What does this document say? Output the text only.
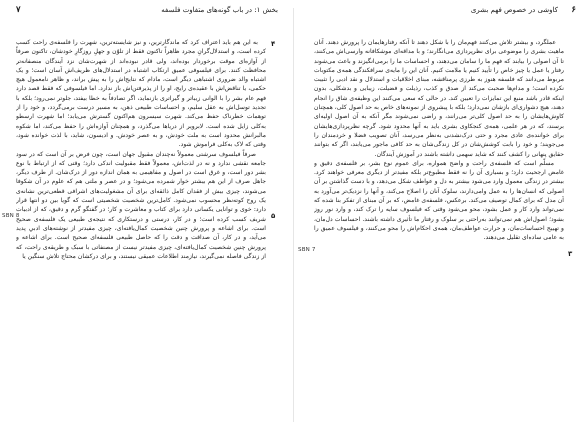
۷	بخش ۱: در باب گونه‌های متفاوت فلسفه
۴
۵
SBN 8

به این هم باید اعتراف کرد که ماندگارترین، و نیز شایسته‌ترین، شهرت را فلسفه‌ی راحت کسب کرده است، و استدلال‌گرانِ مجرد ظاهراً تاکنون فقط از تلوّن و جهلِ روزگارِ خودشان، تاکنون صرفاً از آوازه‌ای موقت برخوردار بوده‌اند، ولی قادر نبوده‌اند از شهرت‌شان نزد آیندگان منصفانه‌تر محافظت کنند. برای فیلسوفی عمیق ارتکاب اشتباه در استدلال‌های ظریف‌اش آسان است؛ و یک اشتباه والد ضروری اشتباهی دیگر است، مادام که نتایج‌اش را به پیش براند، و ظاهر نامعمول هیچ حکمی، یا تناقض‌اش با عقیده‌ی رایج، او را از پذیرفتن‌اش باز ندارد. اما فیلسوفی که فقط قصد دارد فهم عام بشر را با الوانی زیباتر و گیراتری بازنماید، اگر تصادفاً به خطا بیفتد، جلوتر نمی‌رود؛ بلکه با تجدید توسل‌اش به عقل سلیم، و احساسات طبیعی ذهن، به مسیر درست برمی‌گردد، و خود را از توهمات خطرناک حفظ می‌کند. شهرت سیسرون هم‌اکنون گسترش می‌یابد؛ اما شهرت ارسطو به‌کلی زایل شده است. لابرویر از دریاها می‌گذرد، و همچنان آوازه‌اش را حفظ می‌کند، اما شکوه مالبرانش محدود است به ملت خودش، و به عصر خودش. و ادیسون، شاید، با لذت خوانده شود، وقتی که لاک به‌کلی فراموش شود.

صرفاً فیلسوف سرشتی معمولاً نه‌چندان مقبول جهان است، چون فرض بر آن است که در سود جامعه نقشی ندارد و نه در لذت‌اش، معمولاً فقط مقبولیت اندکی دارد؛ وقتی که از ارتباط با نوع بشر دور است، و غرق است در اصول و مفاهیمی به همان اندازه دور از درک‌شان. از طرف دیگر، جاهل صرف از این هم بیشتر خوار شمرده می‌شود؛ و در عصر و ملتی هم که علوم در آن شکوفا می‌شوند، چیزی بیش از فقدان کامل ذائقه‌ای برای آن مشغولیت‌های اشرافی قطعی‌ترین نشانه‌ی یک روح کوته‌نظر محسوب نمی‌شود. کامل‌ترین شخصیت شخصیتی است که گویا بین دو انتها قرار دارد: خوی و توانایی یکسانی دارد برای کتاب و معاشرت و کار؛ در گفتگو گرم و دقیق، که از ادبیات شریف کسب کرده است؛ و در کار، درستی و درستکاری که نتیجه‌ی طبیعی یک فلسفه‌ی صحیح است. برای اشاعه و پرورش چنین شخصیت کمال‌یافته‌ای، چیزی مفیدتر از نوشته‌های ادبیِ پدید می‌آید، و در کار، آن صداقت و دقت را که حاصل طبیعی فلسفه‌ای صحیح است. برای اشاعه و پرورش چنین شخصیت کمال‌یافته‌ای، چیزی مفیدتر نیست از مصنفاتی با سبک و طریقه‌ی راحت، که از زندگی فاصله نمی‌گیرند، نیازمند اطلاعات عمیقی نیستند، و برای درکشان محتاج تلاش سنگین یا

کاوشی در خصوص فهم بشری ۶
۳
SBN 7

عملگرد، و بیشتر تلاش می‌کنند فهم‌مان را با شکل دهند تا آنکه رفتارهایمان را پرورش دهند. آنان ماهیت بشری را موضوعی برای نظرپردازی می‌انگارند؛ و با مداقه‌ای موشکافانه وارسی‌اش می‌کنند، تا آن اصولی را بیابند که فهم ما را سامان می‌دهند، و احساسات ما را برمی‌انگیزند و باعث می‌شوند رفتار یا عمل یا چیز خاص را تأیید کنیم یا ملامت کنیم. آنان این را مایه‌ی سرافکندگی همه‌ی مکتوبات مربوط می‌دانند که فلسفه هنوز به طرزی پرمناقشه، مبنای اخلاقیات و استدلال و نقد ادبی را تثبیت نکرده است؛ و مدام‌ها صحبت می‌کند از صدق و کذب، رذیلت و فضیلت، زیبایی و بدشکلی، بدون اینکه قادر باشد منبع این تمایزات را تعیین کند. در حالی که سعی می‌کنند این وظیفه‌ی شاق را انجام دهند، هیچ دشواری‌ای بازشان نمی‌دارد؛ بلکه با پیشروی از نمونه‌های خاص به حد اصول کلی، همچنان کاوش‌هایشان را به حد اصول کلی‌تر می‌رانند، و راضی نمی‌شوند مگر آنکه به آن اصول اولیه‌ای برسند، که در هر علمی، همه‌ی کنجکاوی بشری باید به آنها محدود شود. گرچه نظرپردازی‌هایشان برای خواننده‌ی عادی مجرد و حتی درک‌نشدنی به‌نظر می‌رسد، آنان تصویب فضلا و خردمندان را می‌جویند؛ و خود را بابت کوشش‌شان در کل زندگی‌شان به حد کافی ماجور می‌یابند، اگر که بتوانند حقایق پنهانی را کشف کنند که شاید سهمی داشته باشند در آموزش آیندگان.

مسلّم است که فلسفه‌ی راحت و واضح همواره، برای عموم نوع بشر، بر فلسفه‌ی دقیق و غامض ارجحیت دارد؛ و بسیاری آن را نه فقط مطبوع‌تر بلکه مفیدتر از دیگری معرفی خواهند کرد. بیشتر در زندگی معمول وارد می‌شود بیشتر به دل و عواطف شکل می‌دهد، و با دست گذاشتن بر آن اصولی که انسان‌ها را به عمل وامی‌دارند، سلوک آنان را اصلاح می‌کند، و آنها را نزدیک‌تر می‌آورد به آن مدل که برای کمال توصیف می‌کند. برعکس، فلسفه‌ی غامض، که بر آن مبنای از تفکر بنا شده که نمی‌تواند وارد کار و عمل بشود، محو می‌شود وقتی که فیلسوف سایه را ترک کند، و وارد نور روز بشود؛ اصول‌اش هم نمی‌توانند به‌راحتی بر سلوک و رفتار ما تأثیری داشته باشند. احساسات دل‌مان، و تهییج احساسات‌مان، و حرارت عواطف‌مان، همه‌ی احکام‌اش را محو می‌کنند، و فیلسوف عمیق را به عامی ساده‌ای تقلیل می‌دهند.
